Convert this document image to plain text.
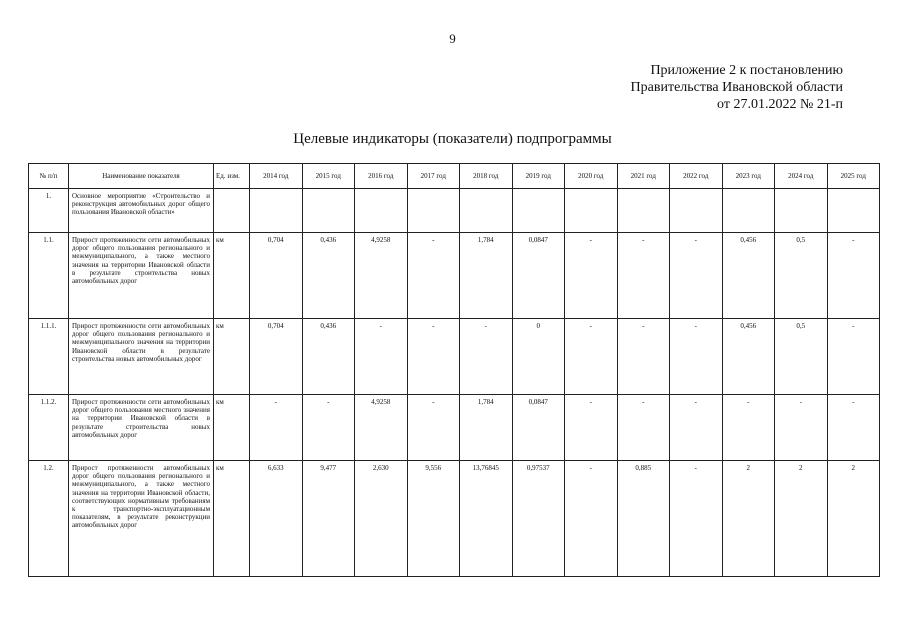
9
Приложение 2 к постановлению
Правительства Ивановской области
от 27.01.2022 № 21-п
Целевые индикаторы (показатели) подпрограммы
№ п/п	Наименование показателя	Ед. изм.	2014 год	2015 год	2016 год	2017 год	2018 год	2019 год	2020 год	2021 год	2022 год	2023 год	2024 год	2025 год
1.	Основное мероприятие «Строительство и реконструкция автомобильных дорог общего пользования Ивановской области»													
1.1.	Прирост протяженности сети автомобильных дорог общего пользования регионального и межмуниципального, а также местного значения на территории Ивановской области в результате строительства новых автомобильных дорог	км	0,704	0,436	4,9258	-	1,784	0,0847	-	-	-	0,456	0,5	-
1.1.1.	Прирост протяженности сети автомобильных дорог общего пользования регионального и межмуниципального значения на территории Ивановской области в результате строительства новых автомобильных дорог	км	0,704	0,436	-	-	-	0	-	-	-	0,456	0,5	-
1.1.2.	Прирост протяженности сети автомобильных дорог общего пользования местного значения на территории Ивановской области в результате строительства новых автомобильных дорог	км	-	-	4,9258	-	1,784	0,0847	-	-	-	-	-	-
1.2.	Прирост протяженности автомобильных дорог общего пользования регионального и межмуниципального, а также местного значения на территории Ивановской области, соответствующих нормативным требованиям к транспортно-эксплуатационным показателям, в результате реконструкции автомобильных дорог	км	6,633	9,477	2,630	9,556	13,76845	0,97537	-	0,885	-	2	2	2
